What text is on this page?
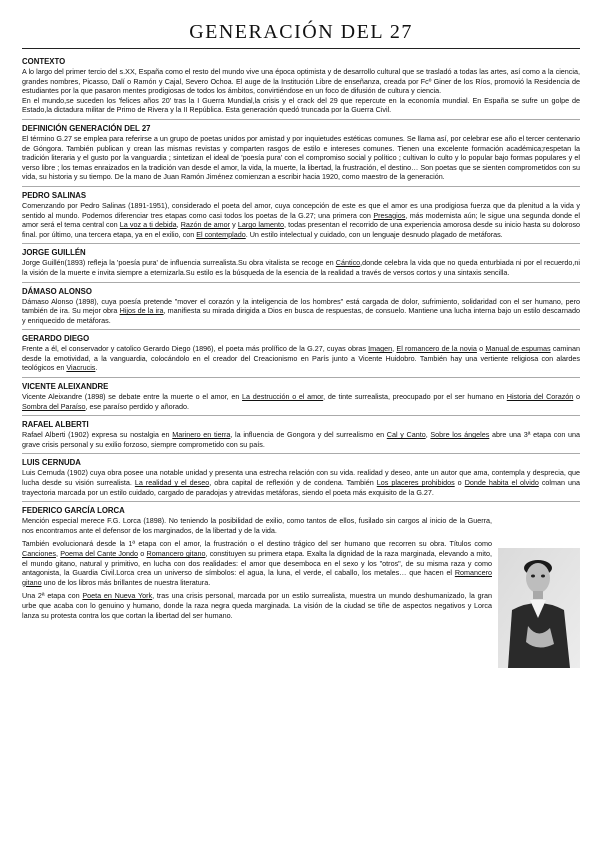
GENERACIÓN DEL 27
CONTEXTO

A lo largo del primer tercio del s.XX, España como el resto del mundo vive una época optimista y de desarrollo cultural que se trasladó a todas las artes, así como a la ciencia, grandes nombres, Picasso, Dalí o Ramón y Cajal, Severo Ochoa. El auge de la Institución Libre de enseñanza, creada por Fcº Giner de los Ríos, promovió la Residencia de estudiantes por la que pasaron mentes prodigiosas de todos los ámbitos, convirtiéndose en un foco de difusión de cultura y ciencia.

En el mundo,se suceden los 'felices años 20' tras la I Guerra Mundial,la crisis y el crack del 29 que repercute en la economía mundial. En España se sufre un golpe de Estado,la dictadura militar de Primo de Rivera y la II República. Esta generación quedó truncada por la Guerra Civil.

DEFINICIÓN GENERACIÓN DEL 27

El término G.27 se emplea para referirse a un grupo de poetas unidos por amistad y por inquietudes estéticas comunes. Se llama así, por celebrar ese año el tercer centenario de Góngora. También publican y crean las mismas revistas y comparten rasgos de estilo e intereses comunes. Tienen una excelente formación académica;respetan la tradición literaria y el gusto por la vanguardia ; sintetizan el ideal de 'poesía pura' con el compromiso social y político ; cultivan lo culto y lo popular bajo formas populares y el verso libre ; los temas enraizados en la tradición van desde el amor, la vida, la muerte, la libertad, la frustración, el destino… Son poetas que se sienten comprometidos con su vida, su historia y su tiempo. De la mano de Juan Ramón Jiménez comienzan a escribir hacia 1920, como maestro de la generación.

PEDRO SALINAS

Comenzando por Pedro Salinas (1891-1951), considerado el poeta del amor, cuya concepción de este es que el amor es una prodigiosa fuerza que da plenitud a la vida y sentido al mundo. Podemos diferenciar tres etapas como casi todos los poetas de la G.27; una primera con Presagios, más modernista aún; le sigue una segunda donde el amor será el tema central con La voz a ti debida, Razón de amor y Largo lamento, todas presentan el recorrido de una experiencia amorosa desde su inicio hasta su doloroso final. por último, una tercera etapa, ya en el exilio, con El contemplado. Un estilo intelectual y cuidado, con un lenguaje desnudo plagado de metáforas.

JORGE GUILLÉN

Jorge Guillén(1893) refleja la 'poesía pura' de influencia surrealista.Su obra vitalista se recoge en Cántico,donde celebra la vida que no queda enturbiada ni por el recuerdo,ni la visión de la muerte e invita siempre a eternizarla.Su estilo es la búsqueda de la esencia de la realidad a través de versos cortos y una sintaxis sencilla.

DÁMASO ALONSO

Dámaso Alonso (1898), cuya poesía pretende "mover el corazón y la inteligencia de los hombres" está cargada de dolor, sufrimiento, solidaridad con el ser humano, pero también de ira. Su mejor obra Hijos de la ira, manifiesta su mirada dirigida a Dios en busca de respuestas, de consuelo. Mantiene una lucha interna bajo un estilo descarnado y enriquecido de metáforas.

GERARDO DIEGO

Frente a él, el conservador y catolico Gerardo Diego (1896), el poeta más prolífico de la G.27, cuyas obras Imagen, El romancero de la novia o Manual de espumas caminan desde la emotividad, a la vanguardia, colocándolo en el creador del Creacionismo en París junto a Vicente Huidobro. También hay una vertiente religiosa con alardes teológicos en Viacrucis.

VICENTE ALEIXANDRE

Vicente Aleixandre (1898) se debate entre la muerte o el amor, en La destrucción o el amor, de tinte surrealista, preocupado por el ser humano en Historia del Corazón o Sombra del Paraíso, ese paraíso perdido y añorado.

RAFAEL ALBERTI

Rafael Alberti (1902) expresa su nostalgia en Marinero en tierra, la influencia de Gongora y del surrealismo en Cal y Canto, Sobre los ángeles abre una 3ª etapa con una grave crisis personal y su exilio forzoso, siempre comprometido con su país.

LUIS CERNUDA

Luis Cernuda (1902) cuya obra posee una notable unidad y presenta una estrecha relación con su vida. realidad y deseo, ante un autor que ama, contempla y desprecia, que lucha desde su visión surrealista. La realidad y el deseo, obra capital de reflexión y de condena. También Los placeres prohibidos o Donde habita el olvido colman una trayectoria marcada por un estilo cuidado, cargado de paradojas y atrevidas metáforas, siendo el poeta más exquisito de la G.27.

FEDERICO GARCÍA LORCA

Mención especial merece F.G. Lorca (1898). No teniendo la posibilidad de exilio, como tantos de ellos, fusilado sin cargos al inicio de la Guerra, nos encontramos ante el defensor de los marginados, de la libertad y de la vida.

También evolucionará desde la 1ª etapa con el amor, la frustración o el destino trágico del ser humano que recorren su obra. Títulos como Canciones, Poema del Cante Jondo o Romancero gitano, constituyen su primera etapa. Exalta la dignidad de la raza marginada, elevando a mito, el mundo gitano, natural y primitivo, en lucha con dos realidades: el amor que desemboca en el sexo y los "otros", de su misma raza y como antagonista, la Guardia Civil.Lorca crea un universo de símbolos: el agua, la luna, el verde, el caballo, los metales… que hacen el Romancero gitano uno de los libros más brillantes de nuestra literatura.

Una 2ª etapa con Poeta en Nueva York, tras una crisis personal, marcada por un estilo surrealista, muestra un mundo deshumanizado, la gran urbe que acaba con lo genuino y humano, donde la raza negra queda marginada. La visión de la ciudad se tiñe de aspectos negativos y Lorca lanza su protesta contra los que cortan la libertad del ser humano.
